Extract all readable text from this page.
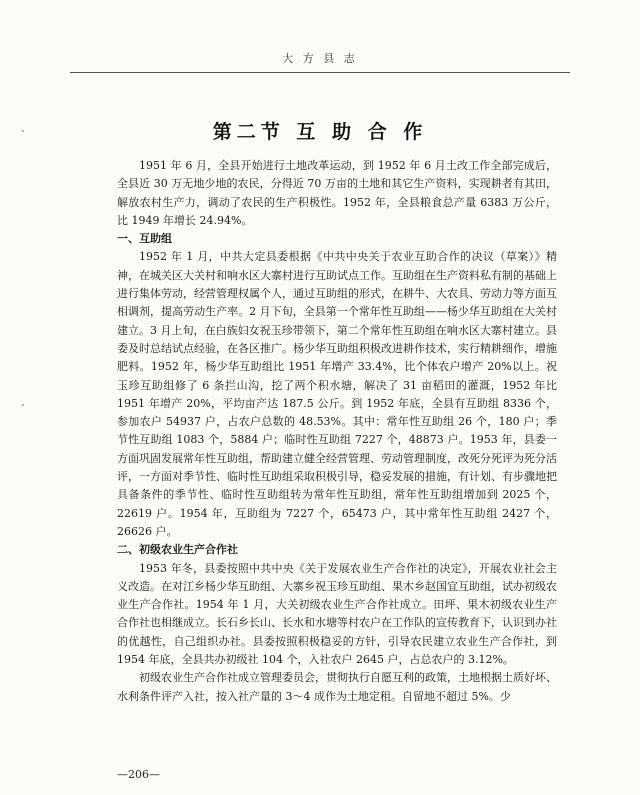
大 方 县 志
第二节 互 助 合 作

1951 年 6 月，全县开始进行土地改革运动，到 1952 年 6 月土改工作全部完成后，全县近 30 万无地少地的农民，分得近 70 万亩的土地和其它生产资料，实现耕者有其田，解放农村生产力，调动了农民的生产积极性。1952 年，全县粮食总产量 6383 万公斤，比 1949 年增长 24.94%。

一、互助组

1952 年 1 月，中共大定县委根据《中共中央关于农业互助合作的决议（草案）》精神，在城关区大关村和响水区大寨村进行互助试点工作。互助组在生产资料私有制的基础上进行集体劳动，经营管理权属个人，通过互助组的形式，在耕牛、大农具、劳动力等方面互相调剂，提高劳动生产率。2 月下旬，全县第一个常年性互助组——杨少华互助组在大关村建立。3 月上旬，在白族妇女祝玉珍带领下，第二个常年性互助组在响水区大寨村建立。县委及时总结试点经验，在各区推广。杨少华互助组积极改进耕作技术，实行精耕细作，增施肥料。1952 年，杨少华互助组比 1951 年增产 33.4%，比个体农户增产 20%以上。祝玉珍互助组修了 6 条拦山沟，挖了两个积水塘，解决了 31 亩稻田的灌溉，1952 年比 1951 年增产 20%，平均亩产达 187.5 公斤。到 1952 年底，全县有互助组 8336 个，参加农户 54937 户，占农户总数的 48.53%。其中：常年性互助组 26 个，180 户；季节性互助组 1083 个，5884 户；临时性互助组 7227 个，48873 户。1953 年，县委一方面巩固发展常年性互助组，帮助建立健全经营管理、劳动管理制度，改死分死评为死分活评，一方面对季节性、临时性互助组采取积极引导，稳妥发展的措施，有计划、有步骤地把具备条件的季节性、临时性互助组转为常年性互助组，常年性互助组增加到 2025 个，22619 户。1954 年，互助组为 7227 个，65473 户，其中常年性互助组 2427 个，26626 户。

二、初级农业生产合作社

1953 年冬，县委按照中共中央《关于发展农业生产合作社的决定》，开展农业社会主义改造。在对江乡杨少华互助组、大寨乡祝玉珍互助组、果木乡赵国宜互助组，试办初级农业生产合作社。1954 年 1 月，大关初级农业生产合作社成立。田坪、果木初级农业生产合作社也相继成立。长石乡长山、长水和水塘等村农户在工作队的宣传教育下，认识到办社的优越性，自己组织办社。县委按照积极稳妥的方针，引导农民建立农业生产合作社，到 1954 年底，全县共办初级社 104 个，入社农户 2645 户，占总农户的 3.12%。

初级农业生产合作社成立管理委员会，贯彻执行自愿互利的政策，土地根据土质好坏、水利条件评产入社，按入社产量的 3～4 成作为土地定租。自留地不超过 5%。少

—206—
